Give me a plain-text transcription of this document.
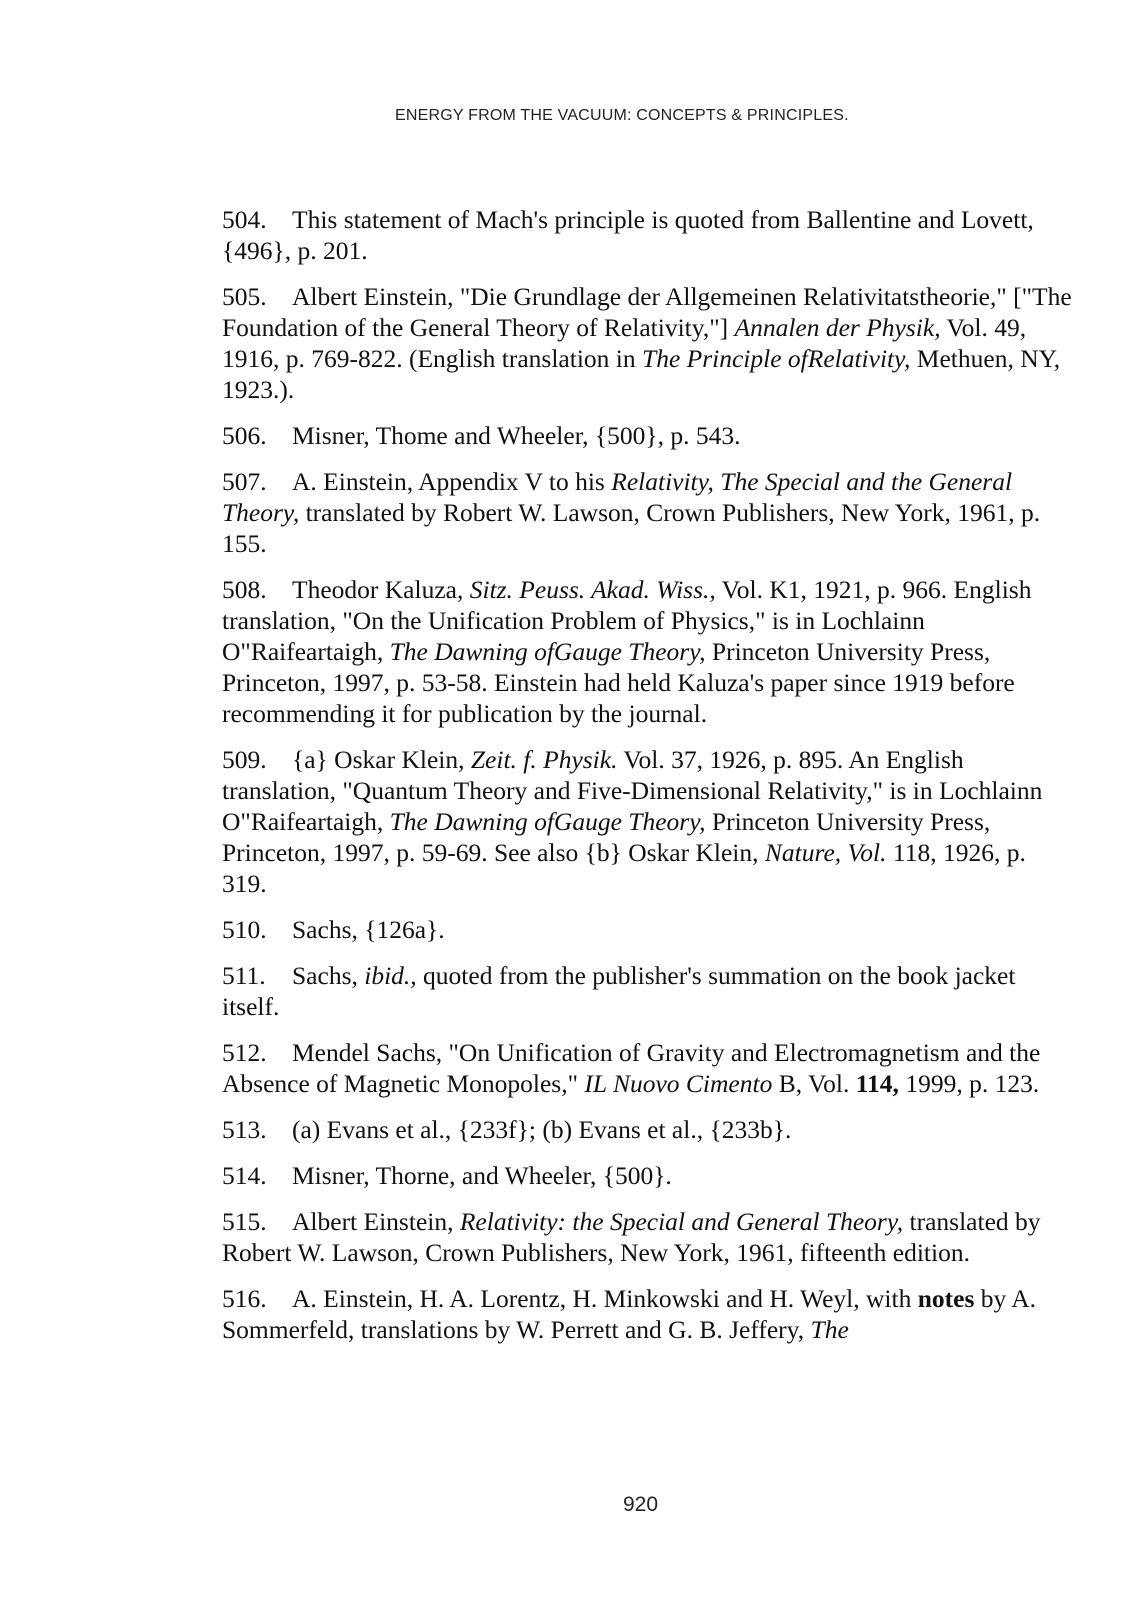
ENERGY FROM THE VACUUM: CONCEPTS & PRINCIPLES.

504. This statement of Mach's principle is quoted from Ballentine and Lovett, {496}, p. 201.

505. Albert Einstein, "Die Grundlage der Allgemeinen Relativitatstheorie," ["The Foundation of the General Theory of Relativity,"] Annalen der Physik, Vol. 49, 1916, p. 769-822. (English translation in The Principle ofRelativity, Methuen, NY, 1923.).

506. Misner, Thome and Wheeler, {500}, p. 543.

507. A. Einstein, Appendix V to his Relativity, The Special and the General Theory, translated by Robert W. Lawson, Crown Publishers, New York, 1961, p. 155.

508. Theodor Kaluza, Sitz. Peuss. Akad. Wiss., Vol. K1, 1921, p. 966. English translation, "On the Unification Problem of Physics," is in Lochlainn O"Raifeartaigh, The Dawning ofGauge Theory, Princeton University Press, Princeton, 1997, p. 53-58. Einstein had held Kaluza's paper since 1919 before recommending it for publication by the journal.

509. {a} Oskar Klein, Zeit. f. Physik. Vol. 37, 1926, p. 895. An English translation, "Quantum Theory and Five-Dimensional Relativity," is in Lochlainn O"Raifeartaigh, The Dawning ofGauge Theory, Princeton University Press, Princeton, 1997, p. 59-69. See also {b} Oskar Klein, Nature, Vol. 118, 1926, p. 319.

510. Sachs, {126a}.

511. Sachs, ibid., quoted from the publisher's summation on the book jacket itself.

512. Mendel Sachs, "On Unification of Gravity and Electromagnetism and the Absence of Magnetic Monopoles," IL Nuovo Cimento B, Vol. 114, 1999, p. 123.

513. (a) Evans et al., {233f}; (b) Evans et al., {233b}.

514. Misner, Thorne, and Wheeler, {500}.

515. Albert Einstein, Relativity: the Special and General Theory, translated by Robert W. Lawson, Crown Publishers, New York, 1961, fifteenth edition.

516. A. Einstein, H. A. Lorentz, H. Minkowski and H. Weyl, with notes by A. Sommerfeld, translations by W. Perrett and G. B. Jeffery, The

920
